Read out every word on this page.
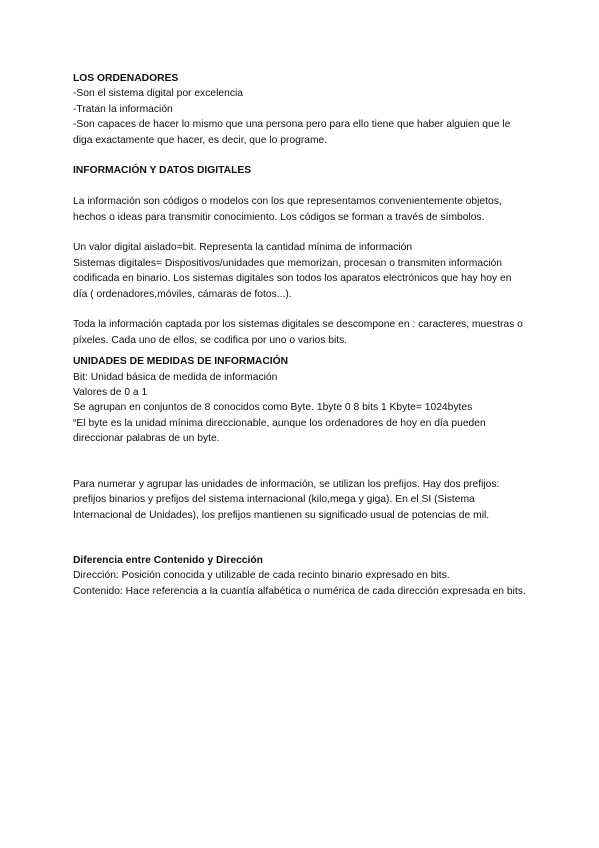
LOS ORDENADORES

-Son el sistema digital por excelencia

-Tratan la información

-Son capaces de hacer lo mismo que una persona pero para ello tiene que haber alguien que le diga exactamente que hacer, es decir, que lo programe.

INFORMACIÓN Y DATOS DIGITALES

La información son códigos o modelos con los que representamos convenientemente objetos, hechos o ideas para transmitir conocimiento. Los códigos se forman a través de símbolos.

Un valor digital aislado=bit. Representa la cantidad mínima de información

Sistemas digitales= Dispositivos/unidades que memorizan, procesan o transmiten información codificada en binario. Los sistemas digitales son todos los aparatos electrónicos que hay hoy en día ( ordenadores,móviles, cámaras de fotos...).

Toda la información captada por los sistemas digitales se descompone en : caracteres, muestras o píxeles. Cada uno de ellos, se codifica por uno o varios bits.

UNIDADES DE MEDIDAS DE INFORMACIÓN

Bit: Unidad básica de medida de información

Valores de 0 a 1

Se agrupan en conjuntos de 8 conocidos como Byte. 1byte 0 8 bits 1 Kbyte= 1024bytes

“El byte es la unidad mínima direccionable, aunque los ordenadores de hoy en día pueden direccionar palabras de un byte.

Para numerar y agrupar las unidades de información, se utilizan los prefijos. Hay dos prefijos: prefijos binarios y prefijos del sistema internacional (kilo,mega y giga). En el SI (Sistema Internacional de Unidades), los prefijos mantienen su significado usual de potencias de mil.

Diferencia entre Contenido y Dirección

Dirección: Posición conocida y utilizable de cada recinto binario expresado en bits.

Contenido: Hace referencia a la cuantía alfabética o numérica de cada dirección expresada en bits.
